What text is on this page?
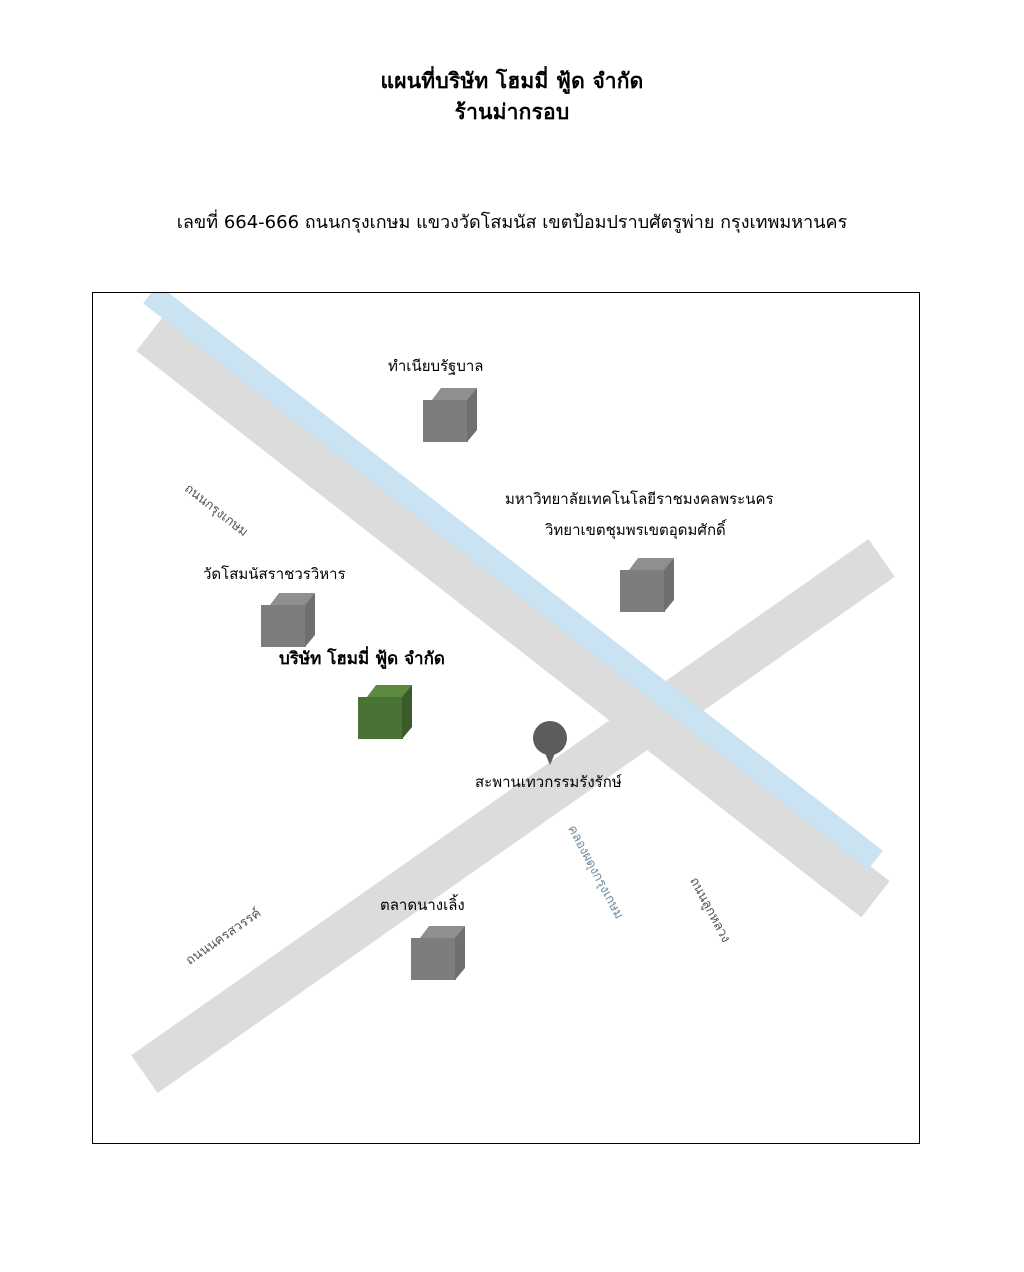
แผนที่บริษัท โฮมมี่ ฟู้ด จำกัด
ร้านม่ากรอบ
เลขที่ 664-666 ถนนกรุงเกษม แขวงวัดโสมนัส เขตป้อมปราบศัตรูพ่าย กรุงเทพมหานคร
ถนนกรุงเกษม
คลองผดุงกรุงเกษม	ถนนลูกหลวง
ถนนนครสวรรค์
ทำเนียบรัฐบาล
มหาวิทยาลัยเทคโนโลยีราชมงคลพระนคร
วิทยาเขตชุมพรเขตอุดมศักดิ์
วัดโสมนัสราชวรวิหาร
บริษัท โฮมมี่ ฟู้ด จำกัด
สะพานเทวกรรมรังรักษ์
ตลาดนางเลิ้ง
